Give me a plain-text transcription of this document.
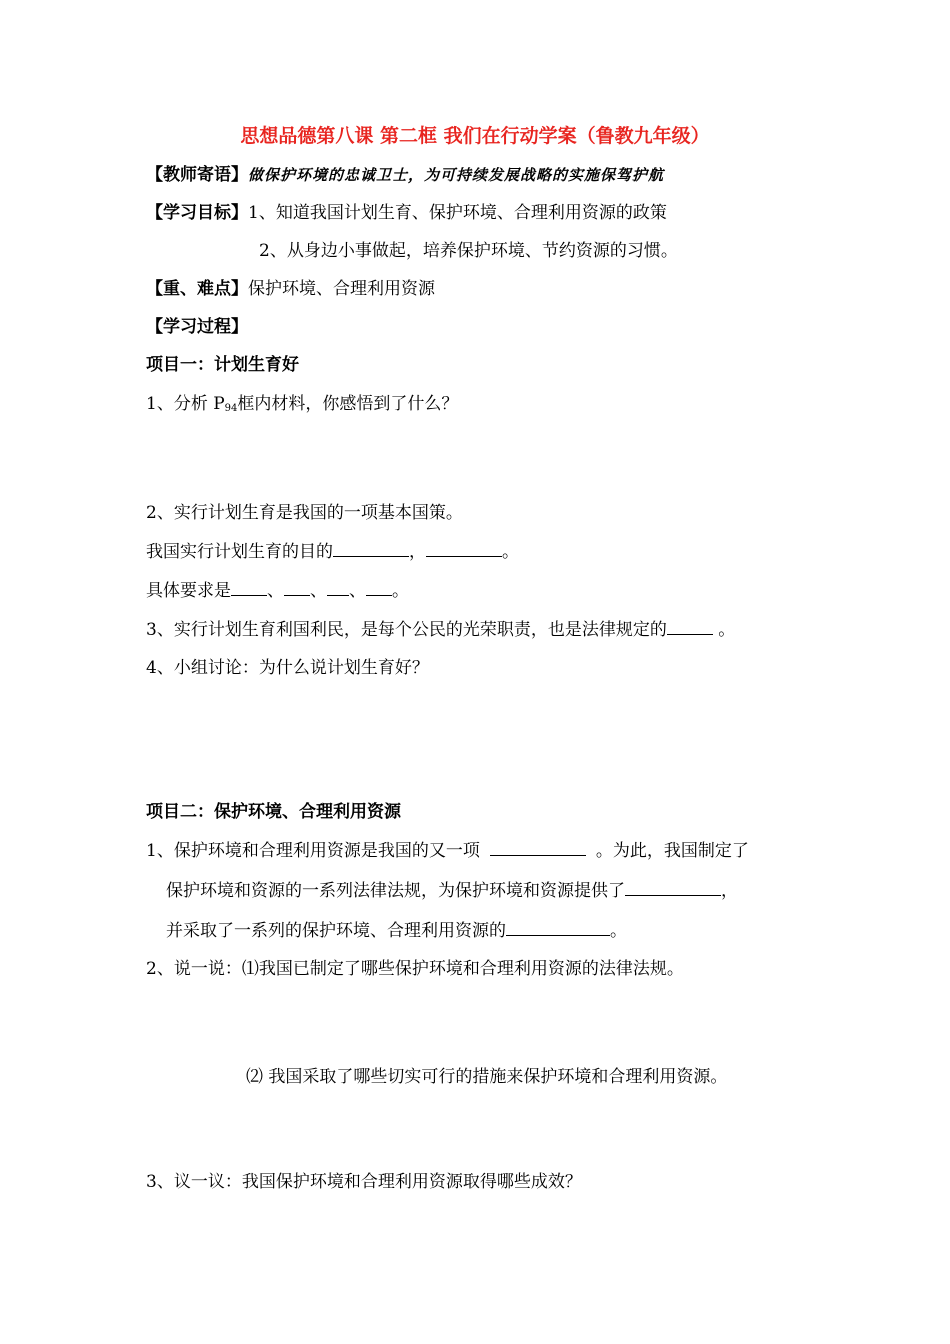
思想品德第八课 第二框 我们在行动学案（鲁教九年级）
【教师寄语】做保护环境的忠诚卫士，为可持续发展战略的实施保驾护航
【学习目标】1、知道我国计划生育、保护环境、合理利用资源的政策
2、从身边小事做起，培养保护环境、节约资源的习惯。
【重、难点】保护环境、合理利用资源
【学习过程】
项目一：计划生育好
1、分析 $P_{94}$框内材料，你感悟到了什么？
2、实行计划生育是我国的一项基本国策。
我国实行计划生育的目的	，	。
具体要求是 、 、 、 。
3、实行计划生育利国利民，是每个公民的光荣职责，也是法律规定的	。
4、小组讨论：为什么说计划生育好？
项目二：保护环境、合理利用资源
1、保护环境和合理利用资源是我国的又一项	。为此，我国制定了
保护环境和资源的一系列法律法规，为保护环境和资源提供了	，
并采取了一系列的保护环境、合理利用资源的	。
2、说一说：⑴我国已制定了哪些保护环境和合理利用资源的法律法规。
⑵ 我国采取了哪些切实可行的措施来保护环境和合理利用资源。
3、议一议：我国保护环境和合理利用资源取得哪些成效？
